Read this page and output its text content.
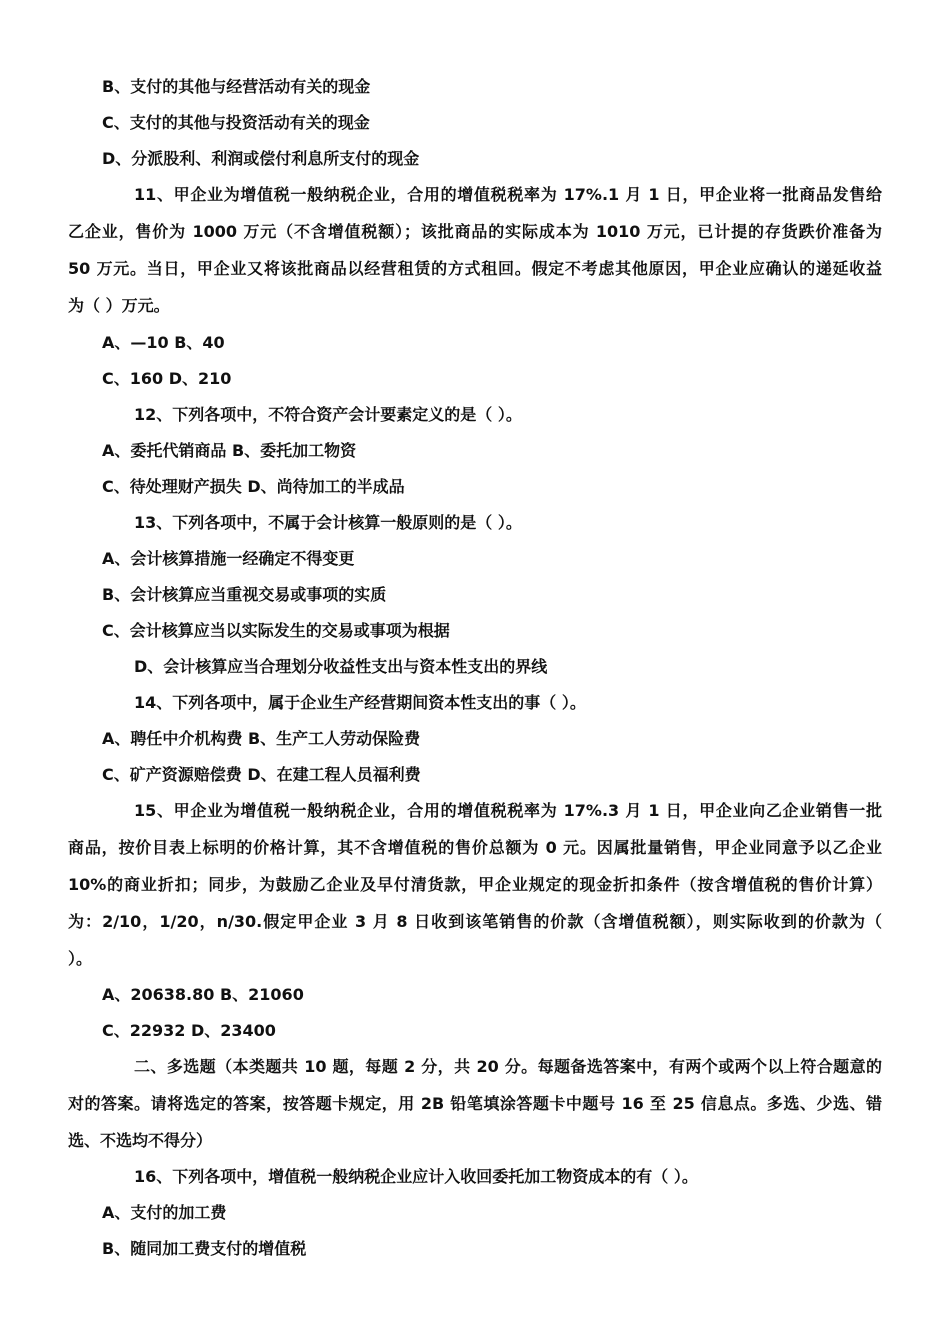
B、支付的其他与经营活动有关的现金
C、支付的其他与投资活动有关的现金
D、分派股利、利润或偿付利息所支付的现金
11、甲企业为增值税一般纳税企业，合用的增值税税率为 17%.1 月 1 日，甲企业将一批商品发售给
乙企业，售价为 1000 万元（不含增值税额）；该批商品的实际成本为 1010 万元，已计提的存货跌价准备为
50 万元。当日，甲企业又将该批商品以经营租赁的方式租回。假定不考虑其他原因，甲企业应确认的递延收益
为（ ）万元。
A、—10 B、40
C、160 D、210
12、下列各项中，不符合资产会计要素定义的是（ ）。
A、委托代销商品 B、委托加工物资
C、待处理财产损失 D、尚待加工的半成品
13、下列各项中，不属于会计核算一般原则的是（ ）。
A、会计核算措施一经确定不得变更
B、会计核算应当重视交易或事项的实质
C、会计核算应当以实际发生的交易或事项为根据
D、会计核算应当合理划分收益性支出与资本性支出的界线
14、下列各项中，属于企业生产经营期间资本性支出的事（ ）。
A、聘任中介机构费 B、生产工人劳动保险费
C、矿产资源赔偿费 D、在建工程人员福利费
15、甲企业为增值税一般纳税企业，合用的增值税税率为 17%.3 月 1 日，甲企业向乙企业销售一批
商品，按价目表上标明的价格计算，其不含增值税的售价总额为 0 元。因属批量销售，甲企业同意予以乙企业
10%的商业折扣；同步，为鼓励乙企业及早付清货款，甲企业规定的现金折扣条件（按含增值税的售价计算）
为：2/10，1/20，n/30.假定甲企业 3 月 8 日收到该笔销售的价款（含增值税额），则实际收到的价款为（
）。
A、20638.80 B、21060
C、22932 D、23400
二、多选题（本类题共 10 题，每题 2 分，共 20 分。每题备选答案中，有两个或两个以上符合题意的
对的答案。请将选定的答案，按答题卡规定，用 2B 铅笔填涂答题卡中题号 16 至 25 信息点。多选、少选、错
选、不选均不得分）
16、下列各项中，增值税一般纳税企业应计入收回委托加工物资成本的有（ ）。
A、支付的加工费
B、随同加工费支付的增值税
